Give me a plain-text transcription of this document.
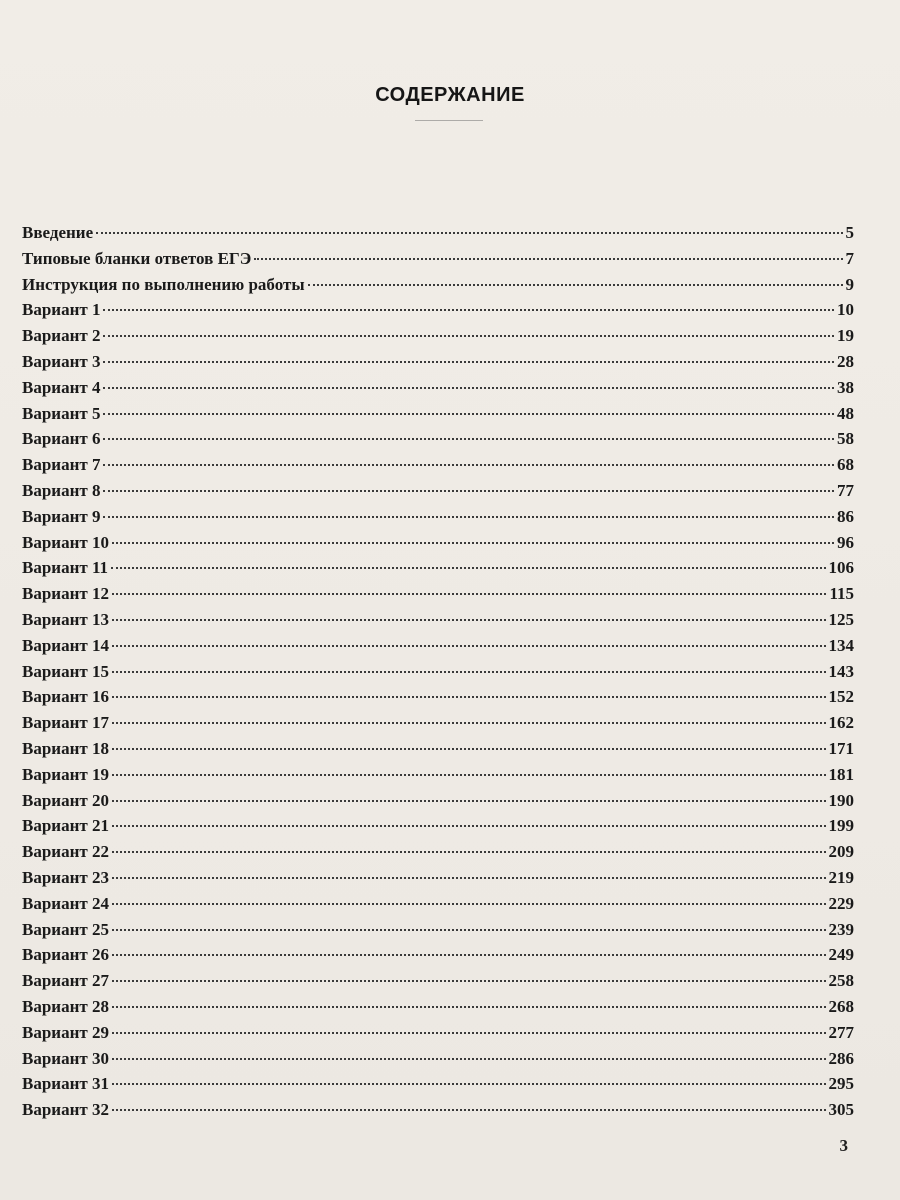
СОДЕРЖАНИЕ
Введение	5
Типовые бланки ответов ЕГЭ	7
Инструкция по выполнению работы	9
Вариант 1	10
Вариант 2	19
Вариант 3	28
Вариант 4	38
Вариант 5	48
Вариант 6	58
Вариант 7	68
Вариант 8	77
Вариант 9	86
Вариант 10	96
Вариант 11	106
Вариант 12	115
Вариант 13	125
Вариант 14	134
Вариант 15	143
Вариант 16	152
Вариант 17	162
Вариант 18	171
Вариант 19	181
Вариант 20	190
Вариант 21	199
Вариант 22	209
Вариант 23	219
Вариант 24	229
Вариант 25	239
Вариант 26	249
Вариант 27	258
Вариант 28	268
Вариант 29	277
Вариант 30	286
Вариант 31	295
Вариант 32	305
3
